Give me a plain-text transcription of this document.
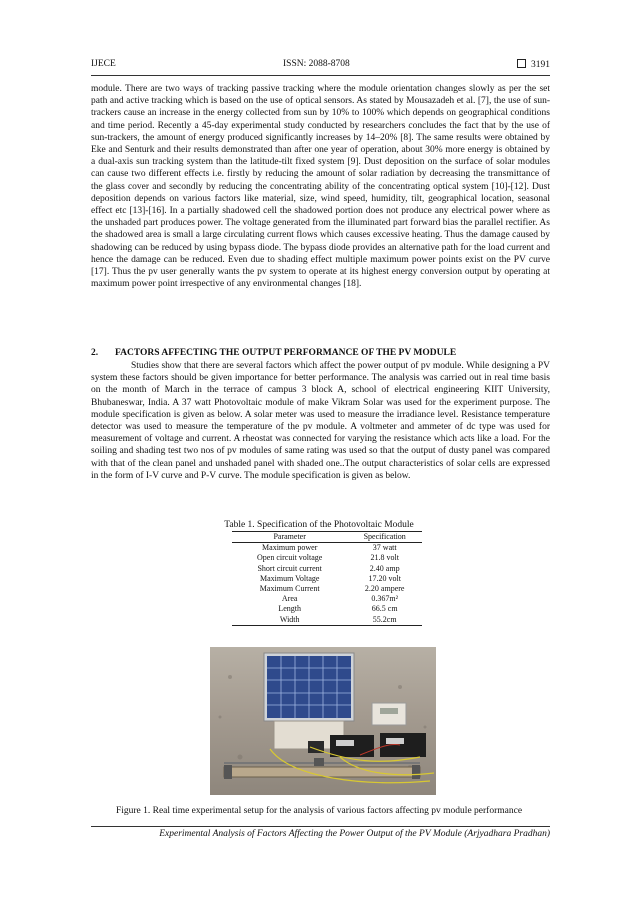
IJECE	ISSN: 2088-8708	3191

module. There are two ways of tracking passive tracking where the module orientation changes slowly as per the set path and active tracking which is based on the use of optical sensors. As stated by Mousazadeh et al. [7], the use of sun-trackers cause an increase in the energy collected from sun by 10% to 100% which depends on geographical conditions and time period. Recently a 45-day experimental study conducted by researchers concludes the fact that by the use of sun-trackers, the amount of energy produced significantly increases by 14–20% [8]. The same results were obtained by Eke and Senturk and their results demonstrated than after one year of operation, about 30% more energy is obtained by a dual-axis sun tracking system than the latitude-tilt fixed system [9]. Dust deposition on the surface of solar modules can cause two different effects i.e. firstly by reducing the amount of solar radiation by decreasing the transmittance of the glass cover and secondly by reducing the concentrating ability of the concentrating optical system [10]-[12]. Dust deposition depends on various factors like material, size, wind speed, humidity, tilt, geographical location, seasonal effect etc [13]-[16]. In a partially shadowed cell the shadowed portion does not produce any electrical power where as the unshaded part produces power. The voltage generated from the illuminated part forward bias the parallel rectifier. As the shadowed area is small a large circulating current flows which causes excessive heating. Thus the damage caused by shadowing can be reduced by using bypass diode. The bypass diode provides an alternative path for the load current and hence the damage can be reduced. Even due to shading effect multiple maximum power points exist on the PV curve [17]. Thus the pv user generally wants the pv system to operate at its highest energy conversion output by operating at maximum power point irrespective of any environmental changes [18].

2. FACTORS AFFECTING THE OUTPUT PERFORMANCE OF THE PV MODULE

Studies show that there are several factors which affect the power output of pv module. While designing a PV system these factors should be given importance for better performance. The analysis was carried out in real time basis on the month of March in the terrace of campus 3 block A, school of electrical engineering KIIT University, Bhubaneswar, India. A 37 watt Photovoltaic module of make Vikram Solar was used for the experiment purpose. The module specification is given as below. A solar meter was used to measure the irradiance level. Resistance temperature detector was used to measure the temperature of the pv module. A voltmeter and ammeter of dc type was used for measurement of voltage and current. A rheostat was connected for varying the resistance which acts like a load. For the soiling and shading test two nos of pv modules of same rating was used so that the output of dusty panel was compared with that of the clean panel and unshaded panel with shaded one..The output characteristics of solar cells are expressed in the form of I-V curve and P-V curve. The module specification is given as below.

Table 1. Specification of the Photovoltaic Module

Parameter	Specification
Maximum power	37 watt
Open circuit voltage	21.8 volt
Short circuit current	2.40 amp
Maximum Voltage	17.20 volt
Maximum Current	2.20 ampere
Area	0.367m²
Length	66.5 cm
Width	55.2cm

Figure 1. Real time experimental setup for the analysis of various factors affecting pv module performance

Experimental Analysis of Factors Affecting the Power Output of the PV Module (Arjyadhara Pradhan)
